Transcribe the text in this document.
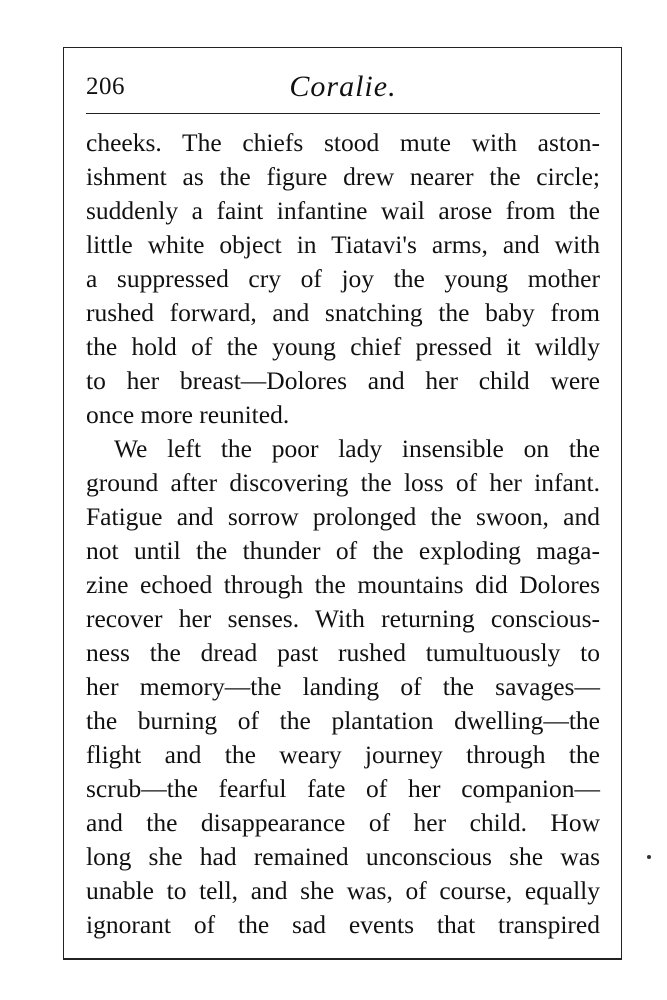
206	Coralie.
cheeks. The chiefs stood mute with aston-
ishment as the figure drew nearer the circle;
suddenly a faint infantine wail arose from the
little white object in Tiatavi's arms, and with
a suppressed cry of joy the young mother
rushed forward, and snatching the baby from
the hold of the young chief pressed it wildly
to her breast—Dolores and her child were
once more reunited.
We left the poor lady insensible on the
ground after discovering the loss of her infant.
Fatigue and sorrow prolonged the swoon, and
not until the thunder of the exploding maga-
zine echoed through the mountains did Dolores
recover her senses. With returning conscious-
ness the dread past rushed tumultuously to
her memory—the landing of the savages—
the burning of the plantation dwelling—the
flight and the weary journey through the
scrub—the fearful fate of her companion—
and the disappearance of her child. How
long she had remained unconscious she was
unable to tell, and she was, of course, equally
ignorant of the sad events that transpired
